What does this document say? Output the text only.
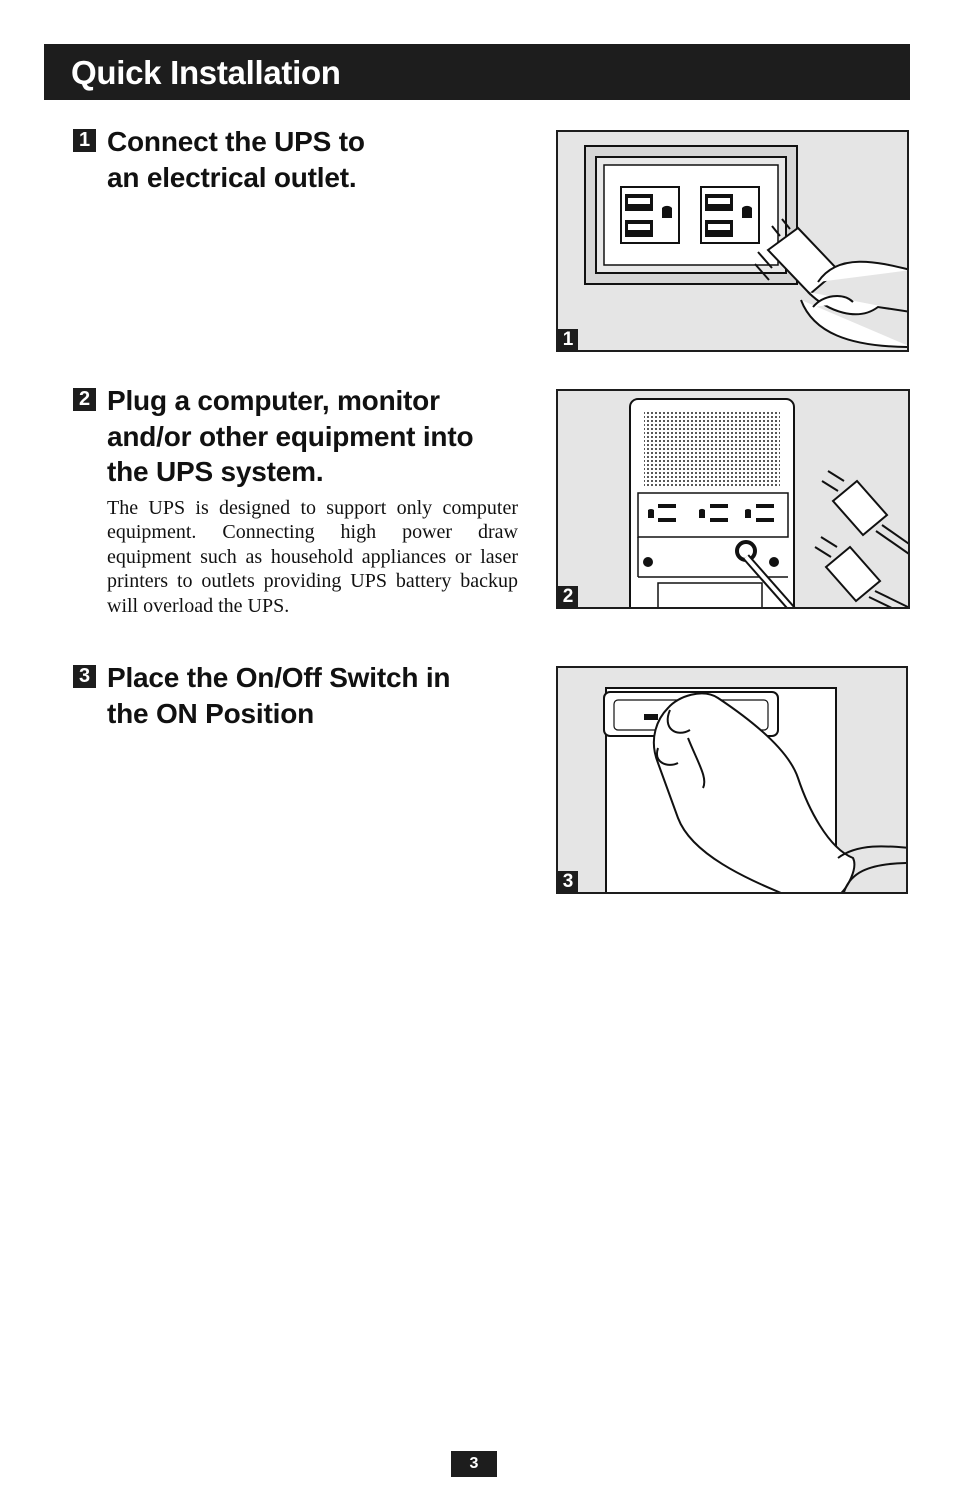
Quick Installation
1 Connect the UPS to
an electrical outlet.
2 Plug a computer, monitor
and/or other equipment into
the UPS system.

The UPS is designed to support only computer equipment. Connecting high power draw equipment such as household appliances or laser printers to outlets providing UPS battery backup will overload the UPS.

3 Place the On/Off Switch in
the ON Position
1
2
3
3
